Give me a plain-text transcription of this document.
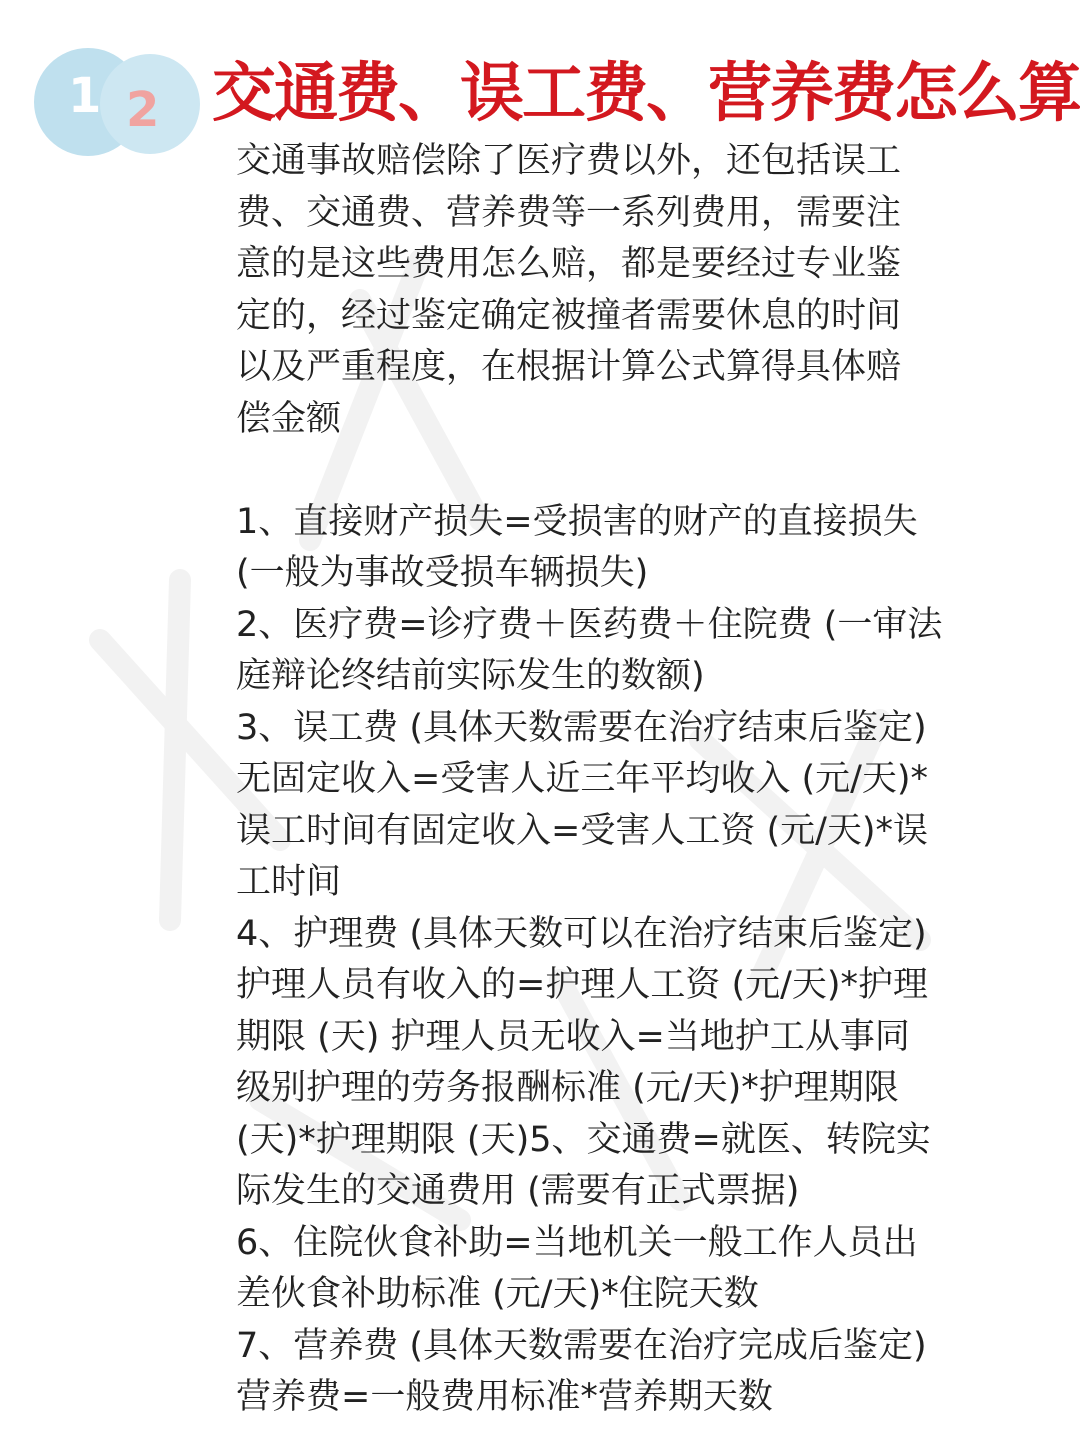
1 2 交通费、误工费、营养费怎么算

交通事故赔偿除了医疗费以外，还包括误工

费、交通费、营养费等一系列费用，需要注

意的是这些费用怎么赔，都是要经过专业鉴

定的，经过鉴定确定被撞者需要休息的时间

以及严重程度，在根据计算公式算得具体赔

偿金额

1、直接财产损失=受损害的财产的直接损失

(一般为事故受损车辆损失)

2、医疗费=诊疗费＋医药费＋住院费 (一审法

庭辩论终结前实际发生的数额)

3、误工费 (具体天数需要在治疗结束后鉴定)

无固定收入=受害人近三年平均收入 (元/天)*

误工时间有固定收入=受害人工资 (元/天)*误

工时间

4、护理费 (具体天数可以在治疗结束后鉴定)

护理人员有收入的=护理人工资 (元/天)*护理

期限 (天) 护理人员无收入=当地护工从事同

级别护理的劳务报酬标准 (元/天)*护理期限

(天)*护理期限 (天)5、交通费=就医、转院实

际发生的交通费用 (需要有正式票据)

6、住院伙食补助=当地机关一般工作人员出

差伙食补助标准 (元/天)*住院天数

7、营养费 (具体天数需要在治疗完成后鉴定)

营养费=一般费用标准*营养期天数
